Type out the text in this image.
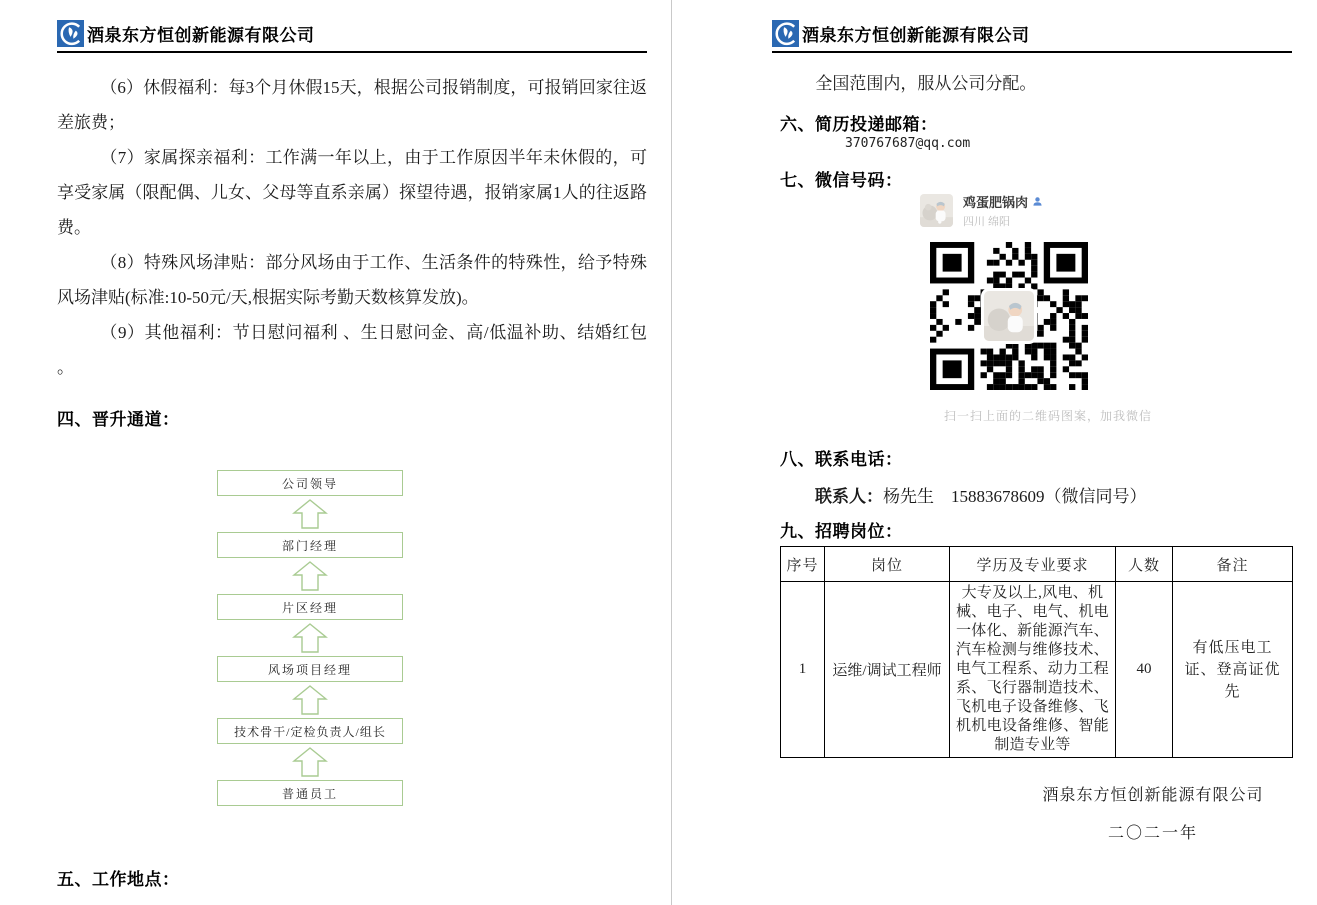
酒泉东方恒创新能源有限公司

（6）休假福利：每3个月休假15天，根据公司报销制度，可报销回家往返差旅费；

（7）家属探亲福利：工作满一年以上，由于工作原因半年未休假的，可享受家属（限配偶、儿女、父母等直系亲属）探望待遇，报销家属1人的往返路费。

（8）特殊风场津贴：部分风场由于工作、生活条件的特殊性，给予特殊风场津贴(标准:10-50元/天,根据实际考勤天数核算发放)。

（9）其他福利：节日慰问福利 、生日慰问金、高/低温补助、结婚红包 。

四、晋升通道：
公司领导
部门经理
片区经理
风场项目经理
技术骨干/定检负责人/组长
普通员工
五、工作地点：
酒泉东方恒创新能源有限公司

全国范围内，服从公司分配。

六、简历投递邮箱：
370767687@qq.com
七、微信号码：
鸡蛋肥锅肉
四川 绵阳
扫一扫上面的二维码图案，加我微信
八、联系电话：
联系人：杨先生　15883678609（微信同号）
九、招聘岗位：
序号	岗位	学历及专业要求	人数	备注
1	运维/调试工程师	大专及以上,风电、机械、电子、电气、机电一体化、新能源汽车、汽车检测与维修技术、电气工程系、动力工程系、飞行器制造技术、飞机电子设备维修、飞机机电设备维修、智能制造专业等	40	有低压电工证、登高证优先
酒泉东方恒创新能源有限公司
二〇二一年
